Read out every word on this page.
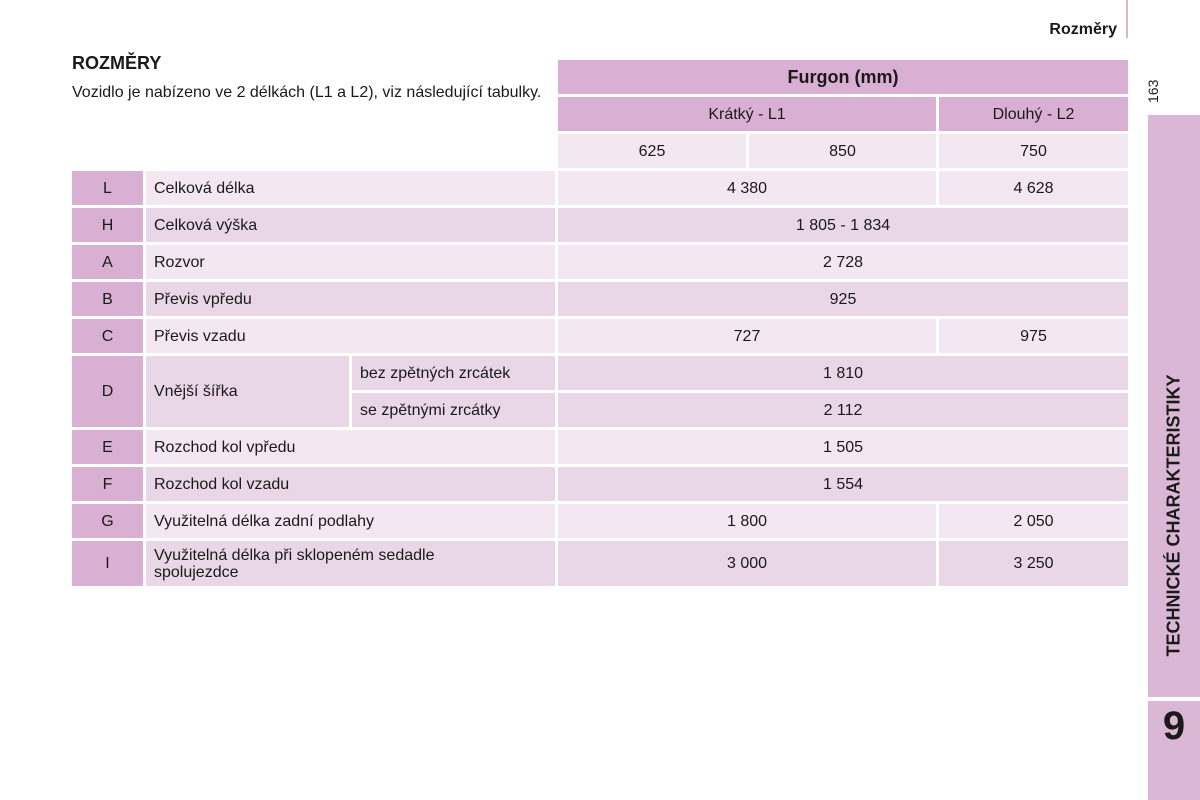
Rozměry
163
TECHNICKÉ CHARAKTERISTIKY
9
ROZMĚRY
Vozidlo je nabízeno ve 2 délkách (L1 a L2), viz následující tabulky.
Furgon (mm)
Krátký - L1	Dlouhý - L2
625	850	750
L	Celková délka	4 380	4 628
H	Celková výška	1 805 - 1 834
A	Rozvor	2 728
B	Převis vpředu	925
C	Převis vzadu	727	975
D	Vnější šířka
bez zpětných zrcátek	1 810
se zpětnými zrcátky	2 112
E	Rozchod kol vpředu	1 505
F	Rozchod kol vzadu	1 554
G	Využitelná délka zadní podlahy	1 800	2 050
I	Využitelná délka při sklopeném sedadle spolujezdce	3 000	3 250
